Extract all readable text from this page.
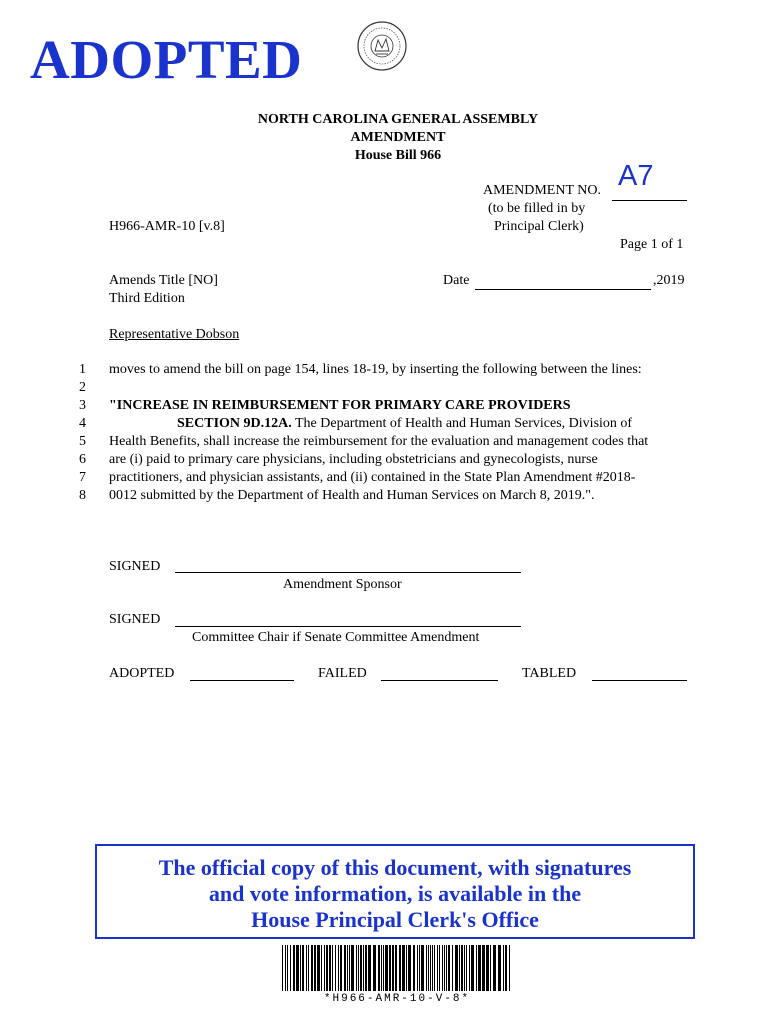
ADOPTED
NORTH CAROLINA GENERAL ASSEMBLY
AMENDMENT
House Bill 966
AMENDMENT NO. A7
(to be filled in by
Principal Clerk)
H966-AMR-10 [v.8]
Page 1 of 1
Amends Title [NO]
Third Edition
Date	,2019
Representative Dobson
1
2
3
4
5
6
7
8
moves to amend the bill on page 154, lines 18-19, by inserting the following between the lines:
"INCREASE IN REIMBURSEMENT FOR PRIMARY CARE PROVIDERS
SECTION 9D.12A. The Department of Health and Human Services, Division of
Health Benefits, shall increase the reimbursement for the evaluation and management codes that
are (i) paid to primary care physicians, including obstetricians and gynecologists, nurse
practitioners, and physician assistants, and (ii) contained in the State Plan Amendment #2018-
0012 submitted by the Department of Health and Human Services on March 8, 2019.".
SIGNED
Amendment Sponsor
SIGNED
Committee Chair if Senate Committee Amendment
ADOPTED	FAILED	TABLED
The official copy of this document, with signatures
and vote information, is available in the
House Principal Clerk's Office
*H966-AMR-10-V-8*
